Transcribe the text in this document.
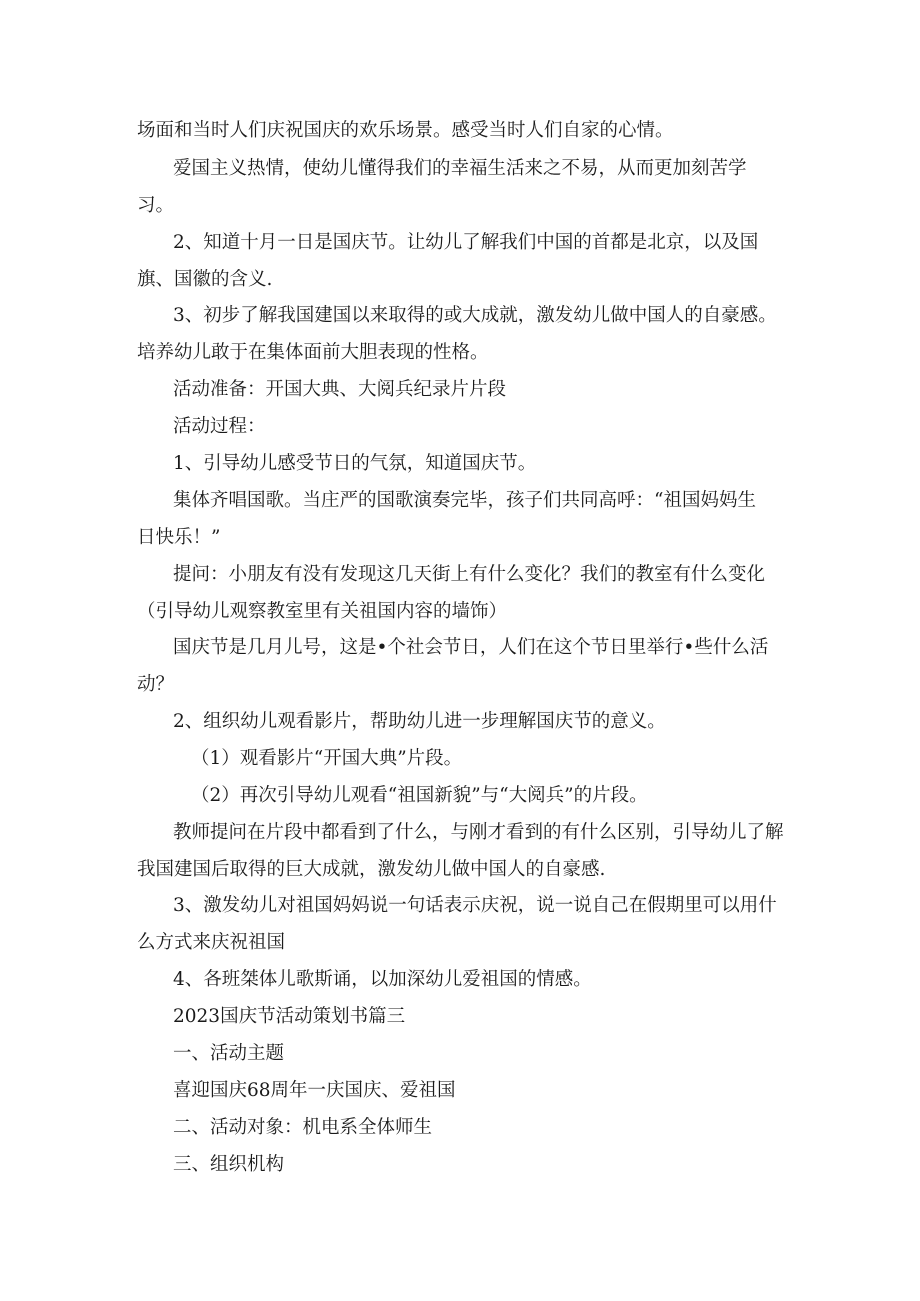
场面和当时人们庆祝国庆的欢乐场景。感受当时人们自家的心情。

爱国主义热情，使幼儿懂得我们的幸福生活来之不易，从而更加刻苦学
习。

2、知道十月一日是国庆节。让幼儿了解我们中国的首都是北京，以及国
旗、国徽的含义.

3、初步了解我国建国以来取得的或大成就，激发幼儿做中国人的自豪感。
培养幼儿敢于在集体面前大胆表现的性格。

活动准备：开国大典、大阅兵纪录片片段

活动过程：

1、引导幼儿感受节日的气氛，知道国庆节。

集体齐唱国歌。当庄严的国歌演奏完毕，孩子们共同高呼：“祖国妈妈生
日快乐！”

提问：小朋友有没有发现这几天街上有什么变化？我们的教室有什么变化
（引导幼儿观察教室里有关祖国内容的墙饰）

国庆节是几月儿号，这是•个社会节日，人们在这个节日里举行•些什么活
动？

2、组织幼儿观看影片，帮助幼儿进一步理解国庆节的意义。

（1）观看影片“开国大典”片段。

（2）再次引导幼儿观看“祖国新貌”与“大阅兵”的片段。

教师提问在片段中都看到了什么，与刚才看到的有什么区别，引导幼儿了解
我国建国后取得的巨大成就，激发幼儿做中国人的自豪感.

3、激发幼儿对祖国妈妈说一句话表示庆祝，说一说自己在假期里可以用什
么方式来庆祝祖国

4、各班桀体儿歌斯诵，以加深幼儿爱祖国的情感。

2023国庆节活动策划书篇三

一、活动主题

喜迎国庆68周年一庆国庆、爱祖国

二、活动对象：机电系全体师生

三、组织机构
